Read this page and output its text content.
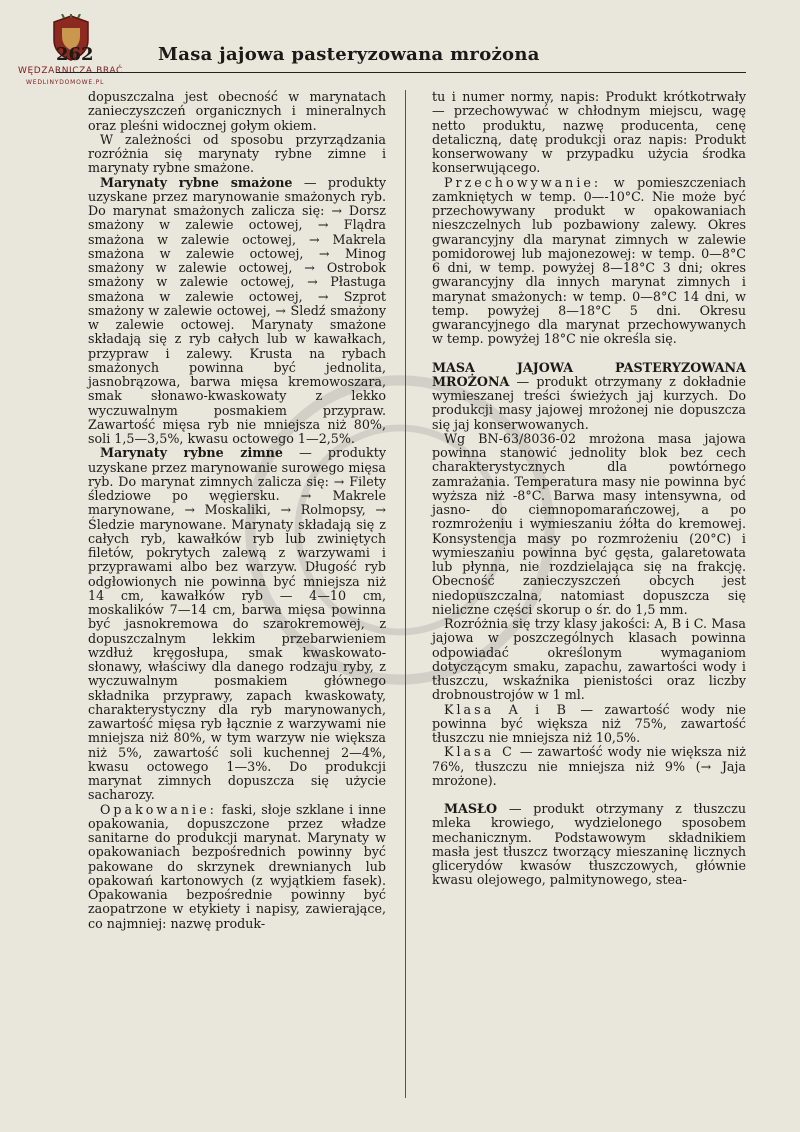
WĘDZARNICZA BRAĆ
WEDLINYDOMOWE.PL
262	Masa jajowa pasteryzowana mrożona

dopuszczalna jest obecność w marynatach zanieczyszczeń organicznych i mineralnych oraz pleśni widocznej gołym okiem.

W zależności od sposobu przyrządzania rozróżnia się marynaty rybne zimne i marynaty rybne smażone.

Marynaty rybne smażone — produkty uzyskane przez marynowanie smażonych ryb. Do marynat smażonych zalicza się: → Dorsz smażony w zalewie octowej, → Flądra smażona w zalewie octowej, → Makrela smażona w zalewie octowej, → Minog smażony w zalewie octowej, → Ostrobok smażony w zalewie octowej, → Płastuga smażona w zalewie octowej, → Szprot smażony w zalewie octowej, → Śledź smażony w zalewie octowej. Marynaty smażone składają się z ryb całych lub w kawałkach, przypraw i zalewy. Krusta na rybach smażonych powinna być jednolita, jasnobrązowa, barwa mięsa kremowoszara, smak słonawo-kwaskowaty z lekko wyczuwalnym posmakiem przypraw. Zawartość mięsa ryb nie mniejsza niż 80%, soli 1,5—3,5%, kwasu octowego 1—2,5%.

Marynaty rybne zimne — produkty uzyskane przez marynowanie surowego mięsa ryb. Do marynat zimnych zalicza się: → Filety śledziowe po węgiersku. → Makrele marynowane, → Moskaliki, → Rolmopsy, → Śledzie marynowane. Marynaty składają się z całych ryb, kawałków ryb lub zwiniętych filetów, pokrytych zalewą z warzywami i przyprawami albo bez warzyw. Długość ryb odgłowionych nie powinna być mniejsza niż 14 cm, kawałków ryb — 4—10 cm, moskalików 7—14 cm, barwa mięsa powinna być jasnokremowa do szarokremowej, z dopuszczalnym lekkim przebarwieniem wzdłuż kręgosłupa, smak kwaskowato-słonawy, właściwy dla danego rodzaju ryby, z wyczuwalnym posmakiem głównego składnika przyprawy, zapach kwaskowaty, charakterystyczny dla ryb marynowanych, zawartość mięsa ryb łącznie z warzywami nie mniejsza niż 80%, w tym warzyw nie większa niż 5%, zawartość soli kuchennej 2—4%, kwasu octowego 1—3%. Do produkcji marynat zimnych dopuszcza się użycie sacharozy.

Opakowanie: faski, słoje szklane i inne opakowania, dopuszczone przez władze sanitarne do produkcji marynat. Marynaty w opakowaniach bezpośrednich powinny być pakowane do skrzynek drewnianych lub opakowań kartonowych (z wyjątkiem fasek). Opakowania bezpośrednie powinny być zaopatrzone w etykiety i napisy, zawierające, co najmniej: nazwę produk-

tu i numer normy, napis: Produkt krótkotrwały — przechowywać w chłodnym miejscu, wagę netto produktu, nazwę producenta, cenę detaliczną, datę produkcji oraz napis: Produkt konserwowany w przypadku użycia środka konserwującego.

Przechowywanie: w pomieszczeniach zamkniętych w temp. 0—-10°C. Nie może być przechowywany produkt w opakowaniach nieszczelnych lub pozbawiony zalewy. Okres gwarancyjny dla marynat zimnych w zalewie pomidorowej lub majonezowej: w temp. 0—8°C 6 dni, w temp. powyżej 8—18°C 3 dni; okres gwarancyjny dla innych marynat zimnych i marynat smażonych: w temp. 0—8°C 14 dni, w temp. powyżej 8—18°C 5 dni. Okresu gwarancyjnego dla marynat przechowywanych w temp. powyżej 18°C nie określa się.

MASA JAJOWA PASTERYZOWANA MROŻONA — produkt otrzymany z dokładnie wymieszanej treści świeżych jaj kurzych. Do produkcji masy jajowej mrożonej nie dopuszcza się jaj konserwowanych.

Wg BN-63/8036-02 mrożona masa jajowa powinna stanowić jednolity blok bez cech charakterystycznych dla powtórnego zamrażania. Temperatura masy nie powinna być wyższa niż -8°C. Barwa masy intensywna, od jasno- do ciemnopomarańczowej, a po rozmrożeniu i wymieszaniu żółta do kremowej. Konsystencja masy po rozmrożeniu (20°C) i wymieszaniu powinna być gęsta, galaretowata lub płynna, nie rozdzielająca się na frakcję. Obecność zanieczyszczeń obcych jest niedopuszczalna, natomiast dopuszcza się nieliczne części skorup o śr. do 1,5 mm.

Rozróżnia się trzy klasy jakości: A, B i C. Masa jajowa w poszczególnych klasach powinna odpowiadać określonym wymaganiom dotyczącym smaku, zapachu, zawartości wody i tłuszczu, wskaźnika pienistości oraz liczby drobnoustrojów w 1 ml.

Klasa A i B — zawartość wody nie powinna być większa niż 75%, zawartość tłuszczu nie mniejsza niż 10,5%.

Klasa C — zawartość wody nie większa niż 76%, tłuszczu nie mniejsza niż 9% (→ Jaja mrożone).

MASŁO — produkt otrzymany z tłuszczu mleka krowiego, wydzielonego sposobem mechanicznym. Podstawowym składnikiem masła jest tłuszcz tworzący mieszaninę licznych glicerydów kwasów tłuszczowych, głównie kwasu olejowego, palmitynowego, stea-
